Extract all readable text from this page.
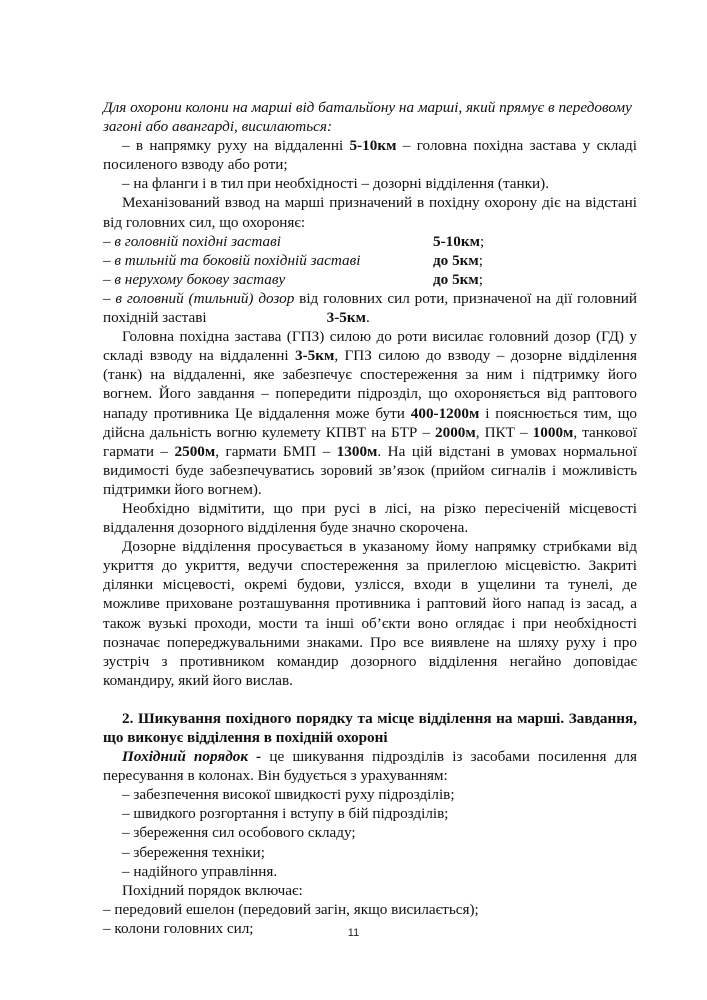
Для охорони колони на марші від батальйону на марші, який прямує в передовому загоні або авангарді, висилаються:

– в напрямку руху на віддаленні 5-10км – головна похідна застава у складі посиленого взводу або роти;

– на фланги і в тил при необхідності – дозорні відділення (танки).

Механізований взвод на марші призначений в похідну охорону діє на відстані від головних сил, що охороняє:

– в головній похідні заставі	5-10км;
– в тильній та боковій похідній заставі	до 5км;
– в нерухому бокову заставу	до 5км;

– в головний (тильний) дозор від головних сил роти, призначеної на дії головний похідній заставі	3-5км.

Головна похідна застава (ГПЗ) силою до роти висилає головний дозор (ГД) у складі взводу на віддаленні 3-5км, ГПЗ силою до взводу – дозорне відділення (танк) на віддаленні, яке забезпечує спостереження за ним і підтримку його вогнем. Його завдання – попередити підрозділ, що охороняється від раптового нападу противника Це віддалення може бути 400-1200м і пояснюється тим, що дійсна дальність вогню кулемету КПВТ на БТР – 2000м, ПКТ – 1000м, танкової гармати – 2500м, гармати БМП – 1300м. На цій відстані в умовах нормальної видимості буде забезпечуватись зоровий зв’язок (прийом сигналів і можливість підтримки його вогнем).

Необхідно відмітити, що при русі в лісі, на різко пересіченій місцевості віддалення дозорного відділення буде значно скорочена.

Дозорне відділення просувається в указаному йому напрямку стрибками від укриття до укриття, ведучи спостереження за прилеглою місцевістю. Закриті ділянки місцевості, окремі будови, узлісся, входи в ущелини та тунелі, де можливе приховане розташування противника і раптовий його напад із засад, а також вузькі проходи, мости та інші об’єкти воно оглядає і при необхідності позначає попереджувальними знаками. Про все виявлене на шляху руху і про зустріч з противником командир дозорного відділення негайно доповідає командиру, який його вислав.

2. Шикування похідного порядку та місце відділення на марші. Завдання, що виконує відділення в похідній охороні

Похідний порядок - це шикування підрозділів із засобами посилення для пересування в колонах. Він будується з урахуванням:

– забезпечення високої швидкості руху підрозділів;

– швидкого розгортання і вступу в бій підрозділів;

– збереження сил особового складу;

– збереження техніки;

– надійного управління.

Похідний порядок включає:

– передовий ешелон (передовий загін, якщо висилається);

– колони головних сил;	11
